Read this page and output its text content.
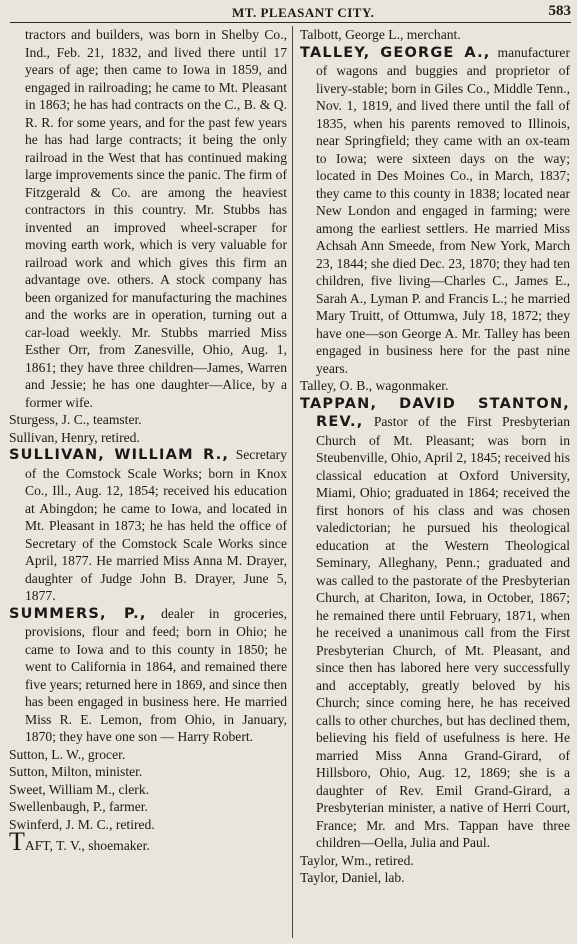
MT. PLEASANT CITY.	583

tractors and builders, was born in Shelby Co., Ind., Feb. 21, 1832, and lived there until 17 years of age; then came to Iowa in 1859, and engaged in railroading; he came to Mt. Pleasant in 1863; he has had contracts on the C., B. & Q. R. R. for some years, and for the past few years he has had large contracts; it being the only railroad in the West that has continued making large improvements since the panic. The firm of Fitzgerald & Co. are among the heaviest contractors in this country. Mr. Stubbs has invented an improved wheel-scraper for moving earth work, which is very valuable for railroad work and which gives this firm an advantage ove. others. A stock company has been organized for manufacturing the machines and the works are in operation, turning out a car-load weekly. Mr. Stubbs married Miss Esther Orr, from Zanesville, Ohio, Aug. 1, 1861; they have three children—James, Warren and Jessie; he has one daughter—Alice, by a former wife.

Sturgess, J. C., teamster.

Sullivan, Henry, retired.

SULLIVAN, WILLIAM R., Secretary of the Comstock Scale Works; born in Knox Co., Ill., Aug. 12, 1854; received his education at Abingdon; he came to Iowa, and located in Mt. Pleasant in 1873; he has held the office of Secretary of the Comstock Scale Works since April, 1877. He married Miss Anna M. Drayer, daughter of Judge John B. Drayer, June 5, 1877.

SUMMERS, P., dealer in groceries, provisions, flour and feed; born in Ohio; he came to Iowa and to this county in 1850; he went to California in 1864, and remained there five years; returned here in 1869, and since then has been engaged in business here. He married Miss R. E. Lemon, from Ohio, in January, 1870; they have one son — Harry Robert.

Sutton, L. W., grocer.

Sutton, Milton, minister.

Sweet, William M., clerk.

Swellenbaugh, P., farmer.

Swinferd, J. M. C., retired.

TAFT, T. V., shoemaker.

Talbott, George L., merchant.

TALLEY, GEORGE A., manufacturer of wagons and buggies and proprietor of livery-stable; born in Giles Co., Middle Tenn., Nov. 1, 1819, and lived there until the fall of 1835, when his parents removed to Illinois, near Springfield; they came with an ox-team to Iowa; were sixteen days on the way; located in Des Moines Co., in March, 1837; they came to this county in 1838; located near New London and engaged in farming; were among the earliest settlers. He married Miss Achsah Ann Smeede, from New York, March 23, 1844; she died Dec. 23, 1870; they had ten children, five living—Charles C., James E., Sarah A., Lyman P. and Francis L.; he married Mary Truitt, of Ottumwa, July 18, 1872; they have one—son George A. Mr. Talley has been engaged in business here for the past nine years.

Talley, O. B., wagonmaker.

TAPPAN, DAVID STANTON, REV., Pastor of the First Presbyterian Church of Mt. Pleasant; was born in Steubenville, Ohio, April 2, 1845; received his classical education at Oxford University, Miami, Ohio; graduated in 1864; received the first honors of his class and was chosen valedictorian; he pursued his theological education at the Western Theological Seminary, Alleghany, Penn.; graduated and was called to the pastorate of the Presbyterian Church, at Chariton, Iowa, in October, 1867; he remained there until February, 1871, when he received a unanimous call from the First Presbyterian Church, of Mt. Pleasant, and since then has labored here very successfully and acceptably, greatly beloved by his Church; since coming here, he has received calls to other churches, but has declined them, believing his field of usefulness is here. He married Miss Anna Grand-Girard, of Hillsboro, Ohio, Aug. 12, 1869; she is a daughter of Rev. Emil Grand-Girard, a Presbyterian minister, a native of Herri Court, France; Mr. and Mrs. Tappan have three children—Oella, Julia and Paul.

Taylor, Wm., retired.

Taylor, Daniel, lab.
